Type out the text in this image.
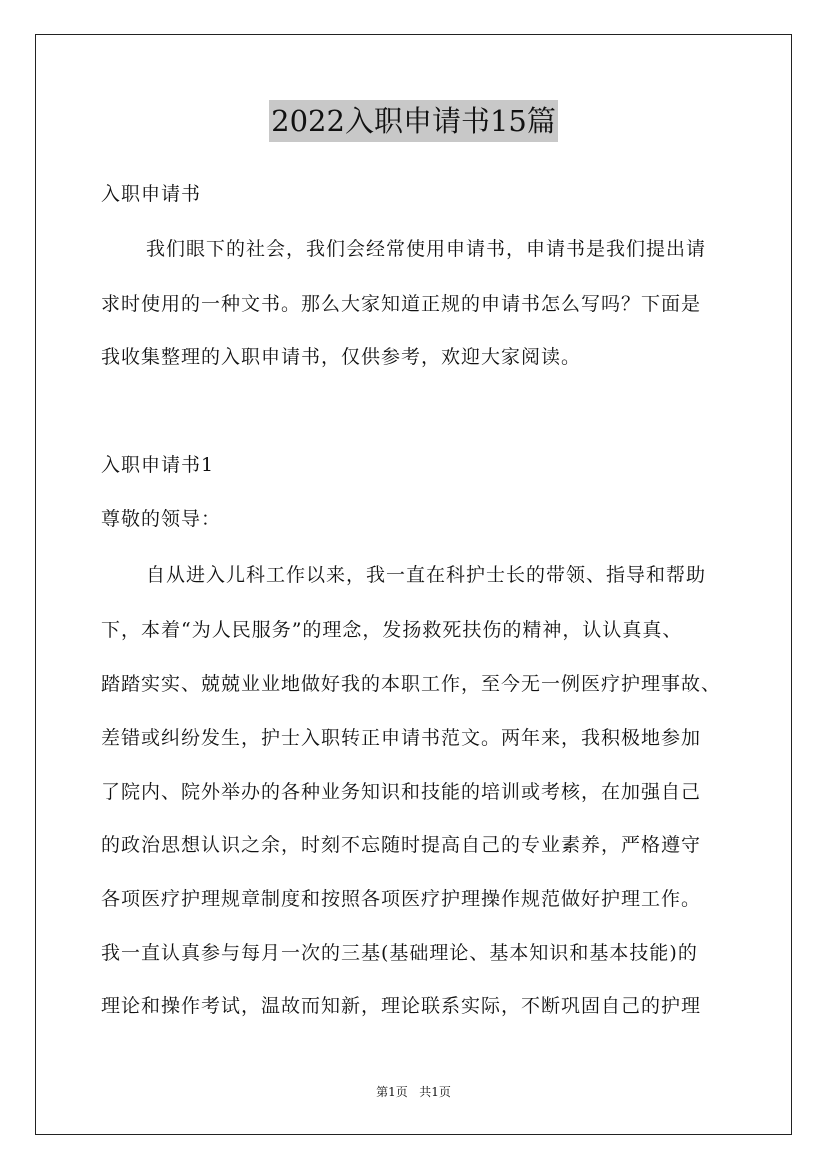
2022入职申请书15篇
入职申请书
我们眼下的社会，我们会经常使用申请书，申请书是我们提出请
求时使用的一种文书。那么大家知道正规的申请书怎么写吗？下面是
我收集整理的入职申请书，仅供参考，欢迎大家阅读。
入职申请书1
尊敬的领导：
自从进入儿科工作以来，我一直在科护士长的带领、指导和帮助
下，本着“为人民服务”的理念，发扬救死扶伤的精神，认认真真、
踏踏实实、兢兢业业地做好我的本职工作，至今无一例医疗护理事故、
差错或纠纷发生，护士入职转正申请书范文。两年来，我积极地参加
了院内、院外举办的各种业务知识和技能的培训或考核，在加强自己
的政治思想认识之余，时刻不忘随时提高自己的专业素养，严格遵守
各项医疗护理规章制度和按照各项医疗护理操作规范做好护理工作。
我一直认真参与每月一次的三基(基础理论、基本知识和基本技能)的
理论和操作考试，温故而知新，理论联系实际，不断巩固自己的护理
第1页   共1页
